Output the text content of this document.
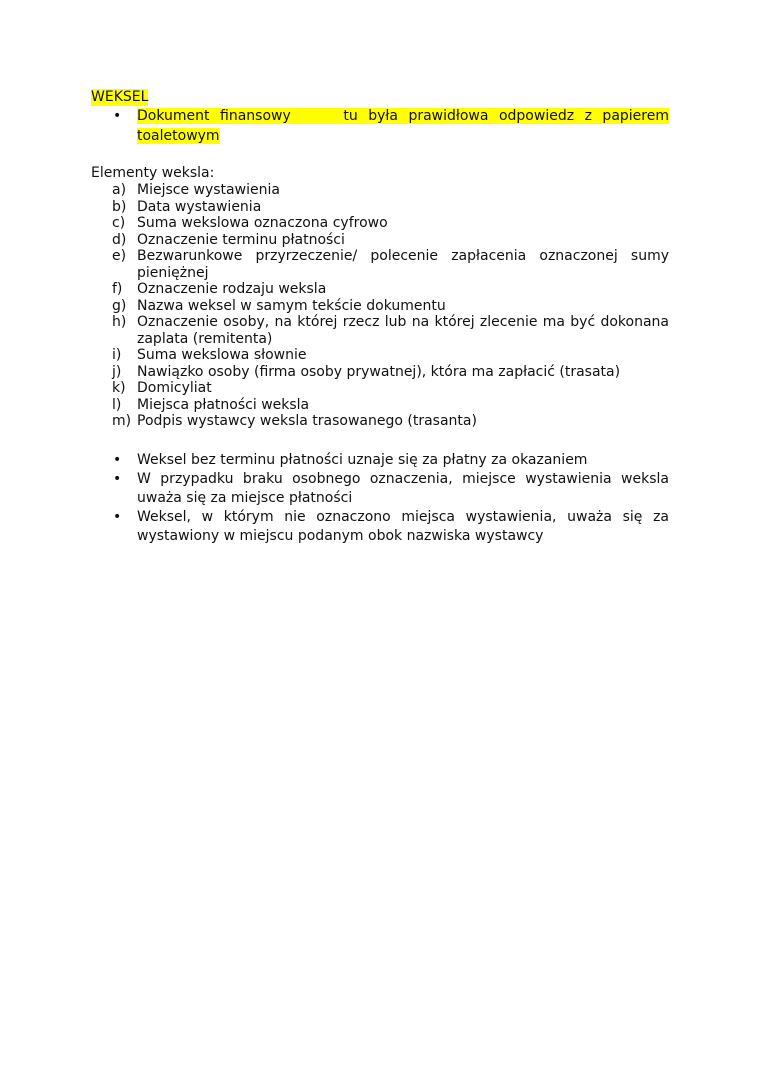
WEKSEL
• Dokument finansowy	tu była prawidłowa odpowiedz z papierem toaletowym
Elementy weksla:
a) Miejsce wystawienia
b) Data wystawienia
c) Suma wekslowa oznaczona cyfrowo
d) Oznaczenie terminu płatności
e) Bezwarunkowe przyrzeczenie/ polecenie zapłacenia oznaczonej sumy pieniężnej
f) Oznaczenie rodzaju weksla
g) Nazwa weksel w samym tekście dokumentu
h) Oznaczenie osoby, na której rzecz lub na której zlecenie ma być dokonana zaplata (remitenta)
i) Suma wekslowa słownie
j) Nawiązko osoby (firma osoby prywatnej), która ma zapłacić (trasata)
k) Domicyliat
l) Miejsca płatności weksla
m) Podpis wystawcy weksla trasowanego (trasanta)
• Weksel bez terminu płatności uznaje się za płatny za okazaniem
• W przypadku braku osobnego oznaczenia, miejsce wystawienia weksla uważa się za miejsce płatności
• Weksel, w którym nie oznaczono miejsca wystawienia, uważa się za wystawiony w miejscu podanym obok nazwiska wystawcy
